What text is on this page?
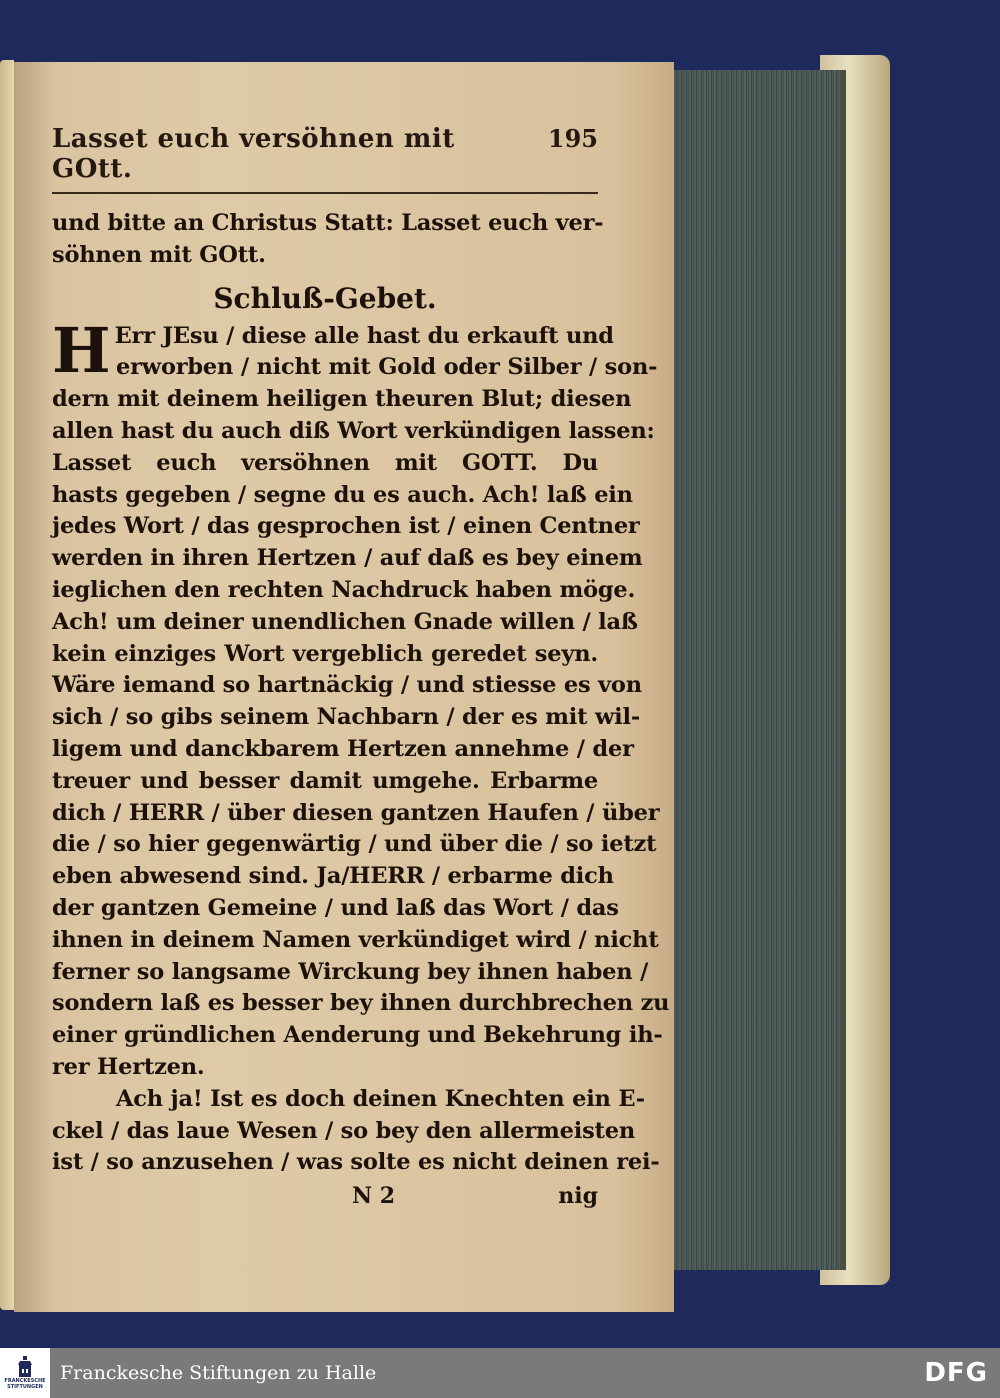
Lasset euch versöhnen mit GOtt.
195
und bitte an Christus Statt: Lasset euch ver-
söhnen mit GOtt.
Schluß-Gebet.
H Err JEsu / diese alle hast du erkauft und
erworben / nicht mit Gold oder Silber / son-
dern mit deinem heiligen theuren Blut; diesen
allen hast du auch diß Wort verkündigen lassen:
Lasset euch versöhnen mit GOTT. Du
hasts gegeben / segne du es auch. Ach! laß ein
jedes Wort / das gesprochen ist / einen Centner
werden in ihren Hertzen / auf daß es bey einem
ieglichen den rechten Nachdruck haben möge.
Ach! um deiner unendlichen Gnade willen / laß
kein einziges Wort vergeblich geredet seyn.
Wäre iemand so hartnäckig / und stiesse es von
sich / so gibs seinem Nachbarn / der es mit wil-
ligem und danckbarem Hertzen annehme / der
treuer und besser damit umgehe. Erbarme
dich / HERR / über diesen gantzen Haufen / über
die / so hier gegenwärtig / und über die / so ietzt
eben abwesend sind. Ja/HERR / erbarme dich
der gantzen Gemeine / und laß das Wort / das
ihnen in deinem Namen verkündiget wird / nicht
ferner so langsame Wirckung bey ihnen haben /
sondern laß es besser bey ihnen durchbrechen zu
einer gründlichen Aenderung und Bekehrung ih-
rer Hertzen.
Ach ja! Ist es doch deinen Knechten ein E-
ckel / das laue Wesen / so bey den allermeisten
ist / so anzusehen / was solte es nicht deinen rei-
N 2	nig
FRANCKESCHE STIFTUNGEN
Franckesche Stiftungen zu Halle	DFG
